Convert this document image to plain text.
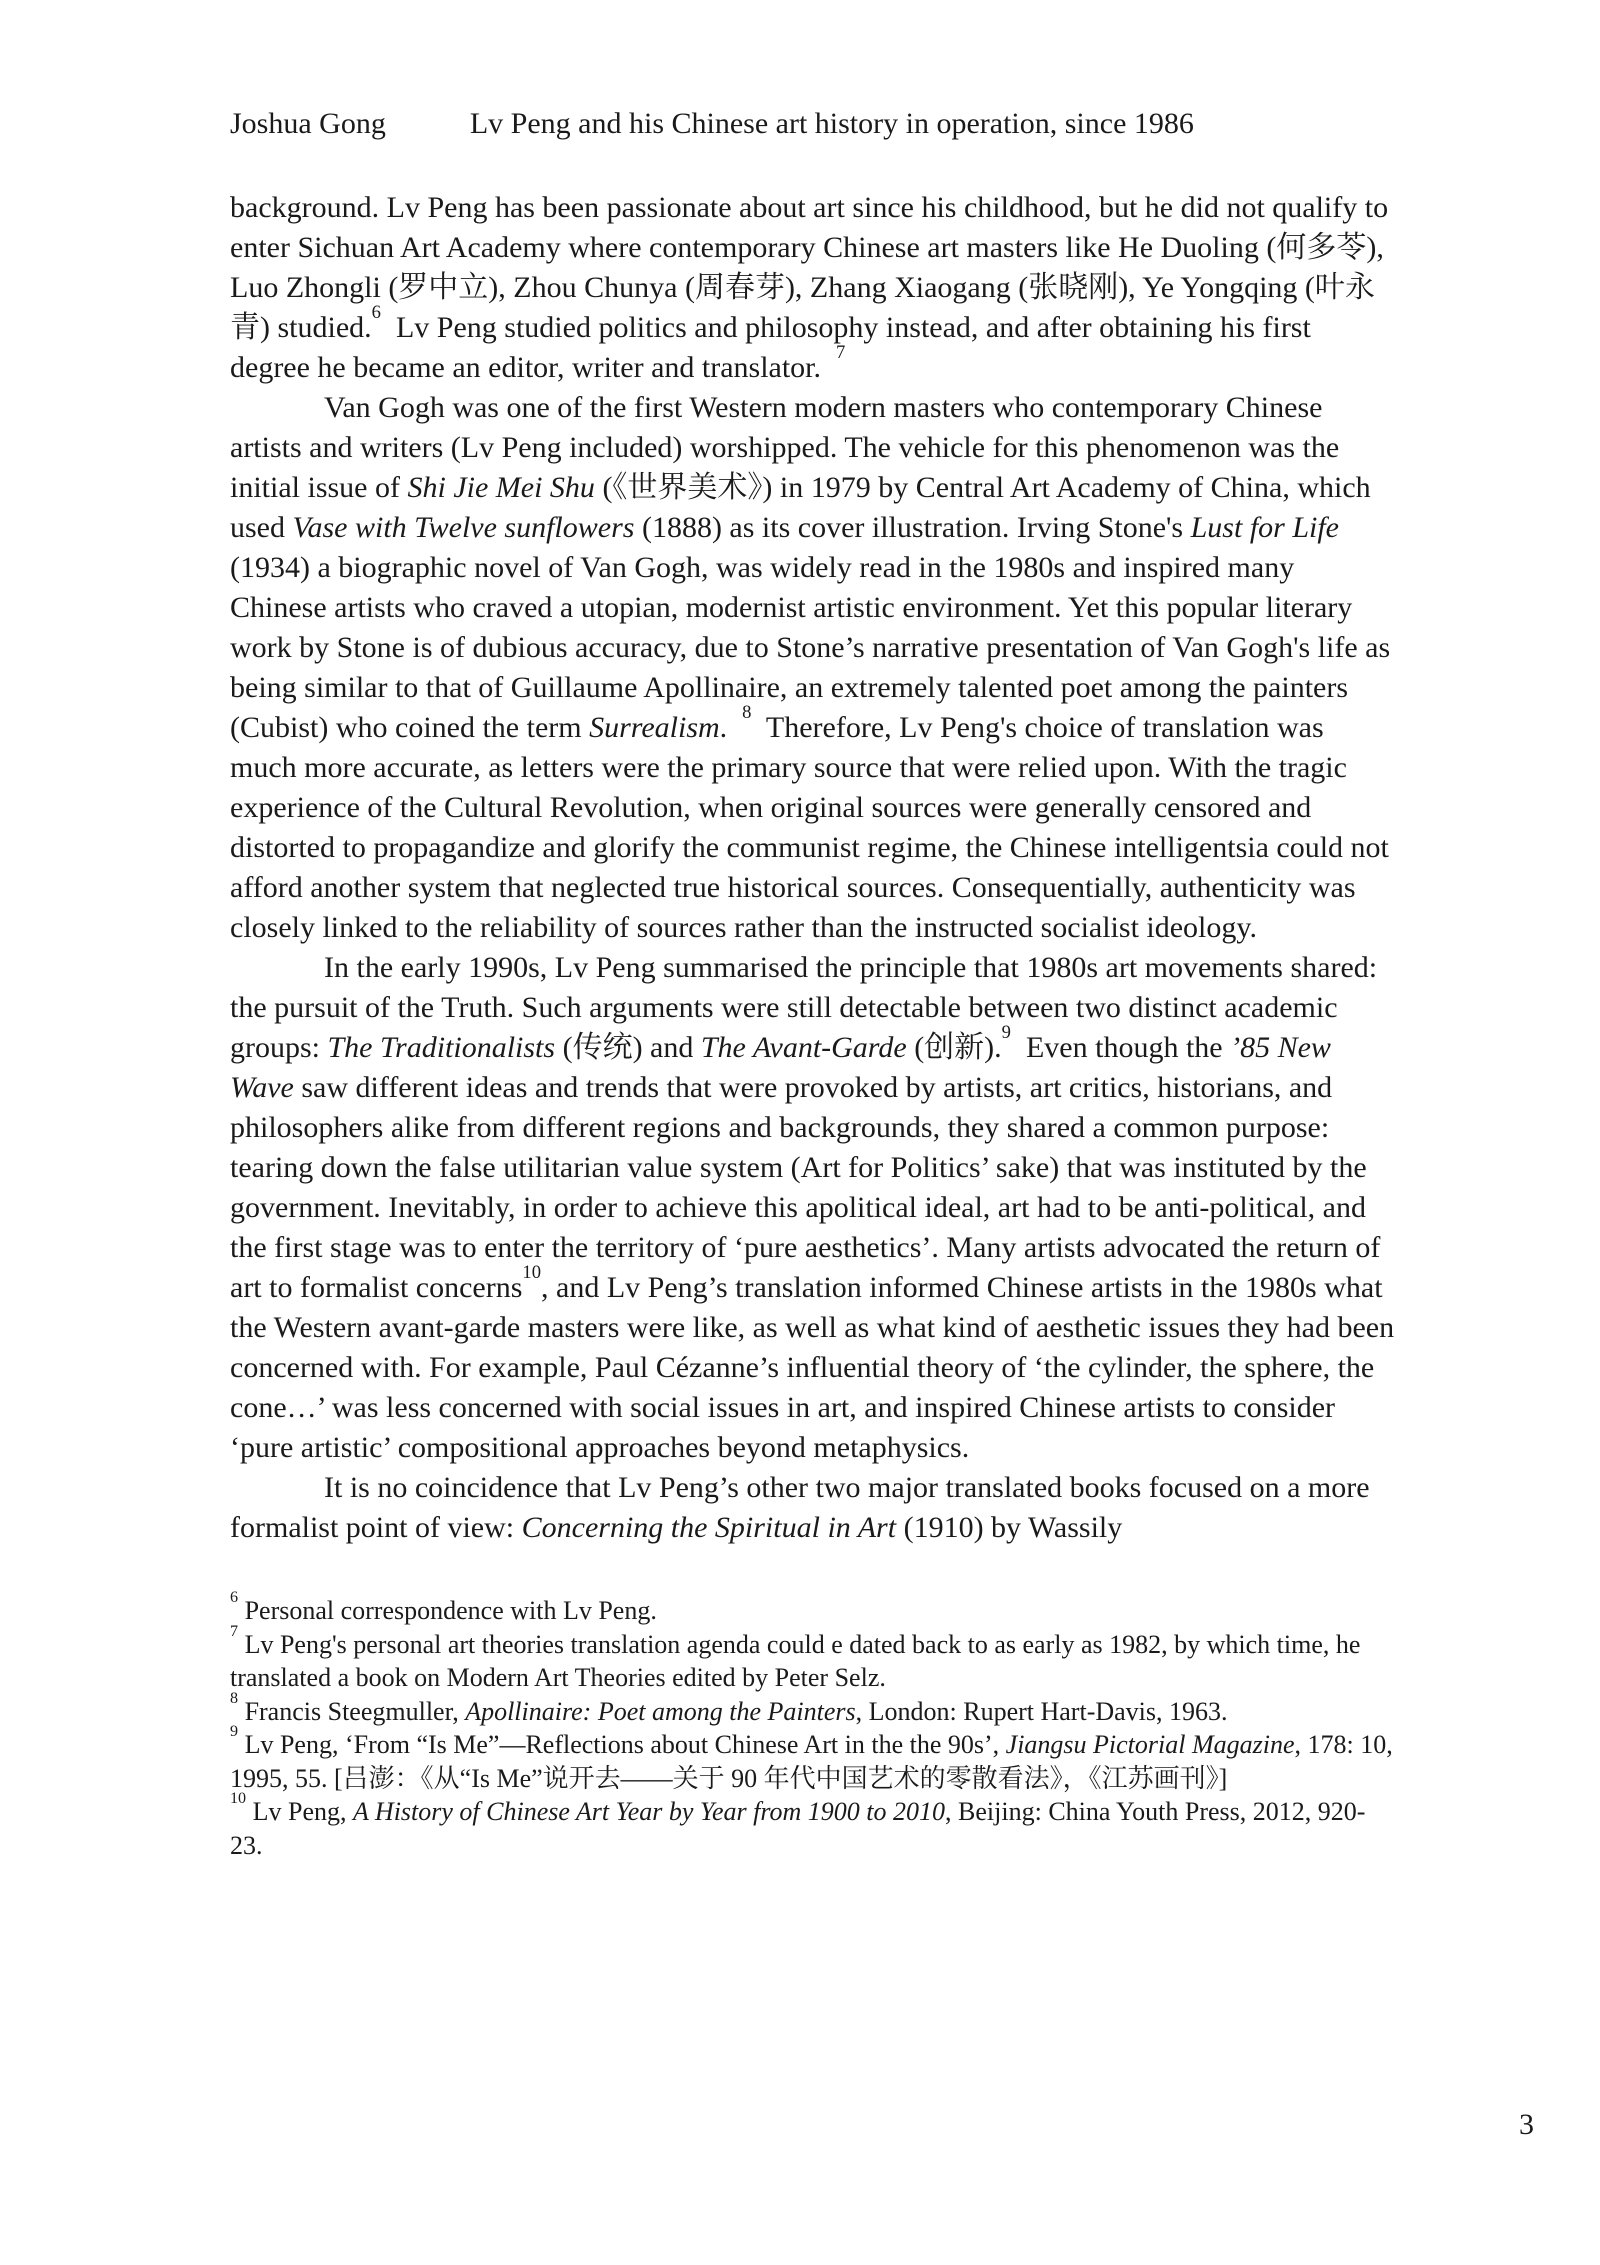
Joshua Gong	Lv Peng and his Chinese art history in operation, since 1986

background. Lv Peng has been passionate about art since his childhood, but he did not qualify to enter Sichuan Art Academy where contemporary Chinese art masters like He Duoling (何多苓), Luo Zhongli (罗中立), Zhou Chunya (周春芽), Zhang Xiaogang (张晓刚), Ye Yongqing (叶永青) studied.$^6$  Lv Peng studied politics and philosophy instead, and after obtaining his first degree he became an editor, writer and translator.  $^7$

Van Gogh was one of the first Western modern masters who contemporary Chinese artists and writers (Lv Peng included) worshipped. The vehicle for this phenomenon was the initial issue of Shi Jie Mei Shu (《世界美术》) in 1979 by Central Art Academy of China, which used Vase with Twelve sunflowers (1888) as its cover illustration. Irving Stone's Lust for Life (1934) a biographic novel of Van Gogh, was widely read in the 1980s and inspired many Chinese artists who craved a utopian, modernist artistic environment. Yet this popular literary work by Stone is of dubious accuracy, due to Stone’s narrative presentation of Van Gogh's life as being similar to that of Guillaume Apollinaire, an extremely talented poet among the painters (Cubist) who coined the term Surrealism.  $^8$  Therefore, Lv Peng's choice of translation was much more accurate, as letters were the primary source that were relied upon. With the tragic experience of the Cultural Revolution, when original sources were generally censored and distorted to propagandize and glorify the communist regime, the Chinese intelligentsia could not afford another system that neglected true historical sources. Consequentially, authenticity was closely linked to the reliability of sources rather than the instructed socialist ideology.

In the early 1990s, Lv Peng summarised the principle that 1980s art movements shared: the pursuit of the Truth. Such arguments were still detectable between two distinct academic groups: The Traditionalists (传统) and The Avant-Garde (创新).$^9$  Even though the ’85 New Wave saw different ideas and trends that were provoked by artists, art critics, historians, and philosophers alike from different regions and backgrounds, they shared a common purpose: tearing down the false utilitarian value system (Art for Politics’ sake) that was instituted by the government. Inevitably, in order to achieve this apolitical ideal, art had to be anti-political, and the first stage was to enter the territory of ‘pure aesthetics’. Many artists advocated the return of art to formalist concerns$^{10}$, and Lv Peng’s translation informed Chinese artists in the 1980s what the Western avant-garde masters were like, as well as what kind of aesthetic issues they had been concerned with. For example, Paul Cézanne’s influential theory of ‘the cylinder, the sphere, the cone…’ was less concerned with social issues in art, and inspired Chinese artists to consider ‘pure artistic’ compositional approaches beyond metaphysics.

It is no coincidence that Lv Peng’s other two major translated books focused on a more formalist point of view: Concerning the Spiritual in Art (1910) by Wassily

$^6$ Personal correspondence with Lv Peng.

$^7$ Lv Peng's personal art theories translation agenda could e dated back to as early as 1982, by which time, he translated a book on Modern Art Theories edited by Peter Selz.

$^8$ Francis Steegmuller, Apollinaire: Poet among the Painters, London: Rupert Hart-Davis, 1963.

$^9$ Lv Peng, ‘From “Is Me”—Reflections about Chinese Art in the the 90s’, Jiangsu Pictorial Magazine, 178: 10, 1995, 55. [吕澎：《从“Is Me”说开去——关于 90 年代中国艺术的零散看法》，《江苏画刊》]

$^{10}$ Lv Peng, A History of Chinese Art Year by Year from 1900 to 2010, Beijing: China Youth Press, 2012, 920-23.

3
